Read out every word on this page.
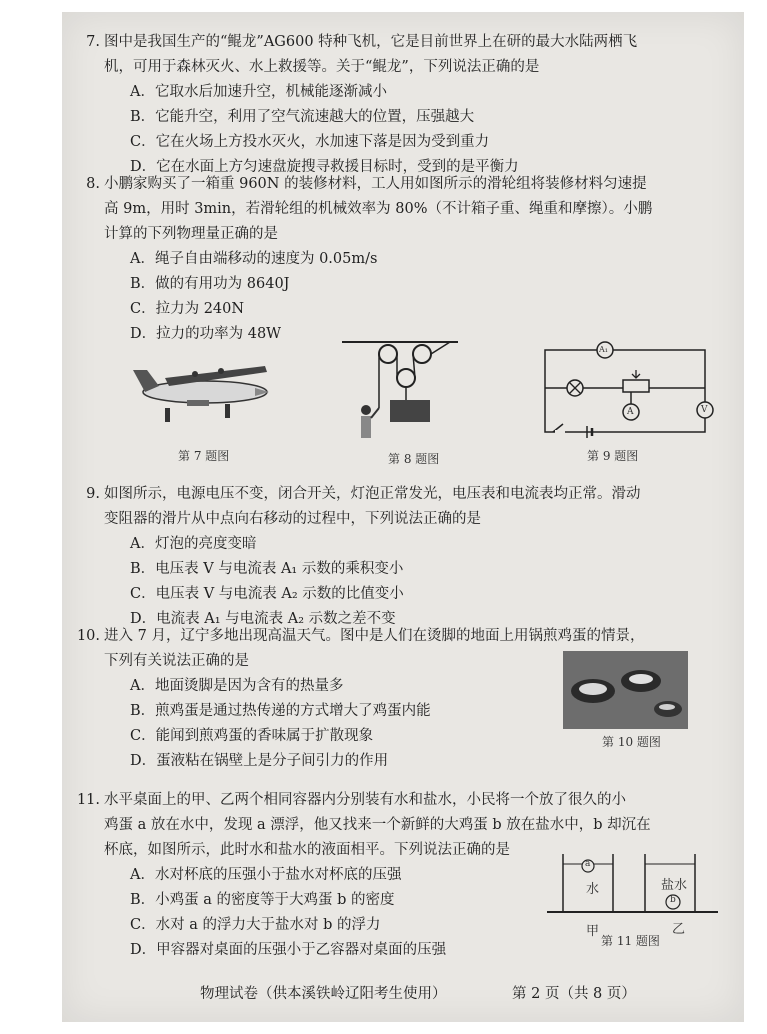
7. 图中是我国生产的“鲲龙”AG600 特种飞机，它是目前世界上在研的最大水陆两栖飞
机，可用于森林灭火、水上救援等。关于“鲲龙”，下列说法正确的是
A．它取水后加速升空，机械能逐渐减小
B．它能升空，利用了空气流速越大的位置，压强越大
C．它在火场上方投水灭火，水加速下落是因为受到重力
D．它在水面上方匀速盘旋搜寻救援目标时，受到的是平衡力
8. 小鹏家购买了一箱重 960N 的装修材料，工人用如图所示的滑轮组将装修材料匀速提
高 9m，用时 3min，若滑轮组的机械效率为 80%（不计箱子重、绳重和摩擦）。小鹏
计算的下列物理量正确的是
A．绳子自由端移动的速度为 0.05m/s
B．做的有用功为 8640J
C．拉力为 240N
D．拉力的功率为 48W
第 7 题图	第 8 题图
A₁
A	V
第 9 题图
9. 如图所示，电源电压不变，闭合开关，灯泡正常发光，电压表和电流表均正常。滑动
变阻器的滑片从中点向右移动的过程中，下列说法正确的是
A．灯泡的亮度变暗
B．电压表 V 与电流表 A₁ 示数的乘积变小
C．电压表 V 与电流表 A₂ 示数的比值变小
D．电流表 A₁ 与电流表 A₂ 示数之差不变
10. 进入 7 月，辽宁多地出现高温天气。图中是人们在烫脚的地面上用锅煎鸡蛋的情景，
下列有关说法正确的是
A．地面烫脚是因为含有的热量多
B．煎鸡蛋是通过热传递的方式增大了鸡蛋内能
C．能闻到煎鸡蛋的香味属于扩散现象
D．蛋液粘在锅壁上是分子间引力的作用
第 10 题图
11. 水平桌面上的甲、乙两个相同容器内分别装有水和盐水，小民将一个放了很久的小
鸡蛋 a 放在水中，发现 a 漂浮，他又找来一个新鲜的大鸡蛋 b 放在盐水中，b 却沉在
杯底，如图所示，此时水和盐水的液面相平。下列说法正确的是
A．水对杯底的压强小于盐水对杯底的压强
B．小鸡蛋 a 的密度等于大鸡蛋 b 的密度
C．水对 a 的浮力大于盐水对 b 的浮力
D．甲容器对桌面的压强小于乙容器对桌面的压强
水	盐水
a
b
甲	乙
第 11 题图
物理试卷（供本溪铁岭辽阳考生使用）	第 2 页（共 8 页）
